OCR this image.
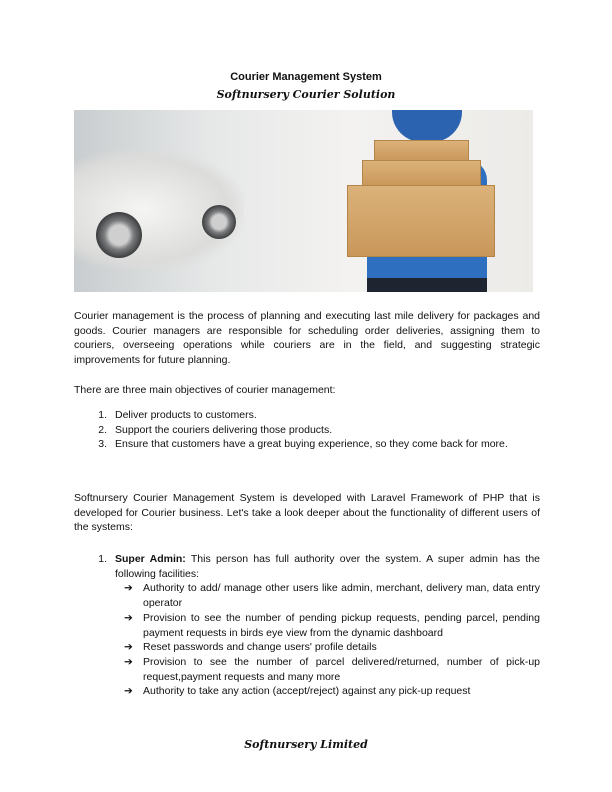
Courier Management System
Softnursery Courier Solution
Courier management is the process of planning and executing last mile delivery for packages and goods. Courier managers are responsible for scheduling order deliveries, assigning them to couriers, overseeing operations while couriers are in the field, and suggesting strategic improvements for future planning.
There are three main objectives of courier management:
1. Deliver products to customers.
2. Support the couriers delivering those products.
3. Ensure that customers have a great buying experience, so they come back for more.
Softnursery Courier Management System is developed with Laravel Framework of PHP that is developed for Courier business. Let's take a look deeper about the functionality of different users of the systems:
1. Super Admin: This person has full authority over the system. A super admin has the following facilities:
➔ Authority to add/ manage other users like admin, merchant, delivery man, data entry operator
➔ Provision to see the number of pending pickup requests, pending parcel, pending payment requests in birds eye view from the dynamic dashboard
➔ Reset passwords and change users' profile details
➔ Provision to see the number of parcel delivered/returned, number of pick-up request,payment requests and many more
➔ Authority to take any action (accept/reject) against any pick-up request
Softnursery Limited
